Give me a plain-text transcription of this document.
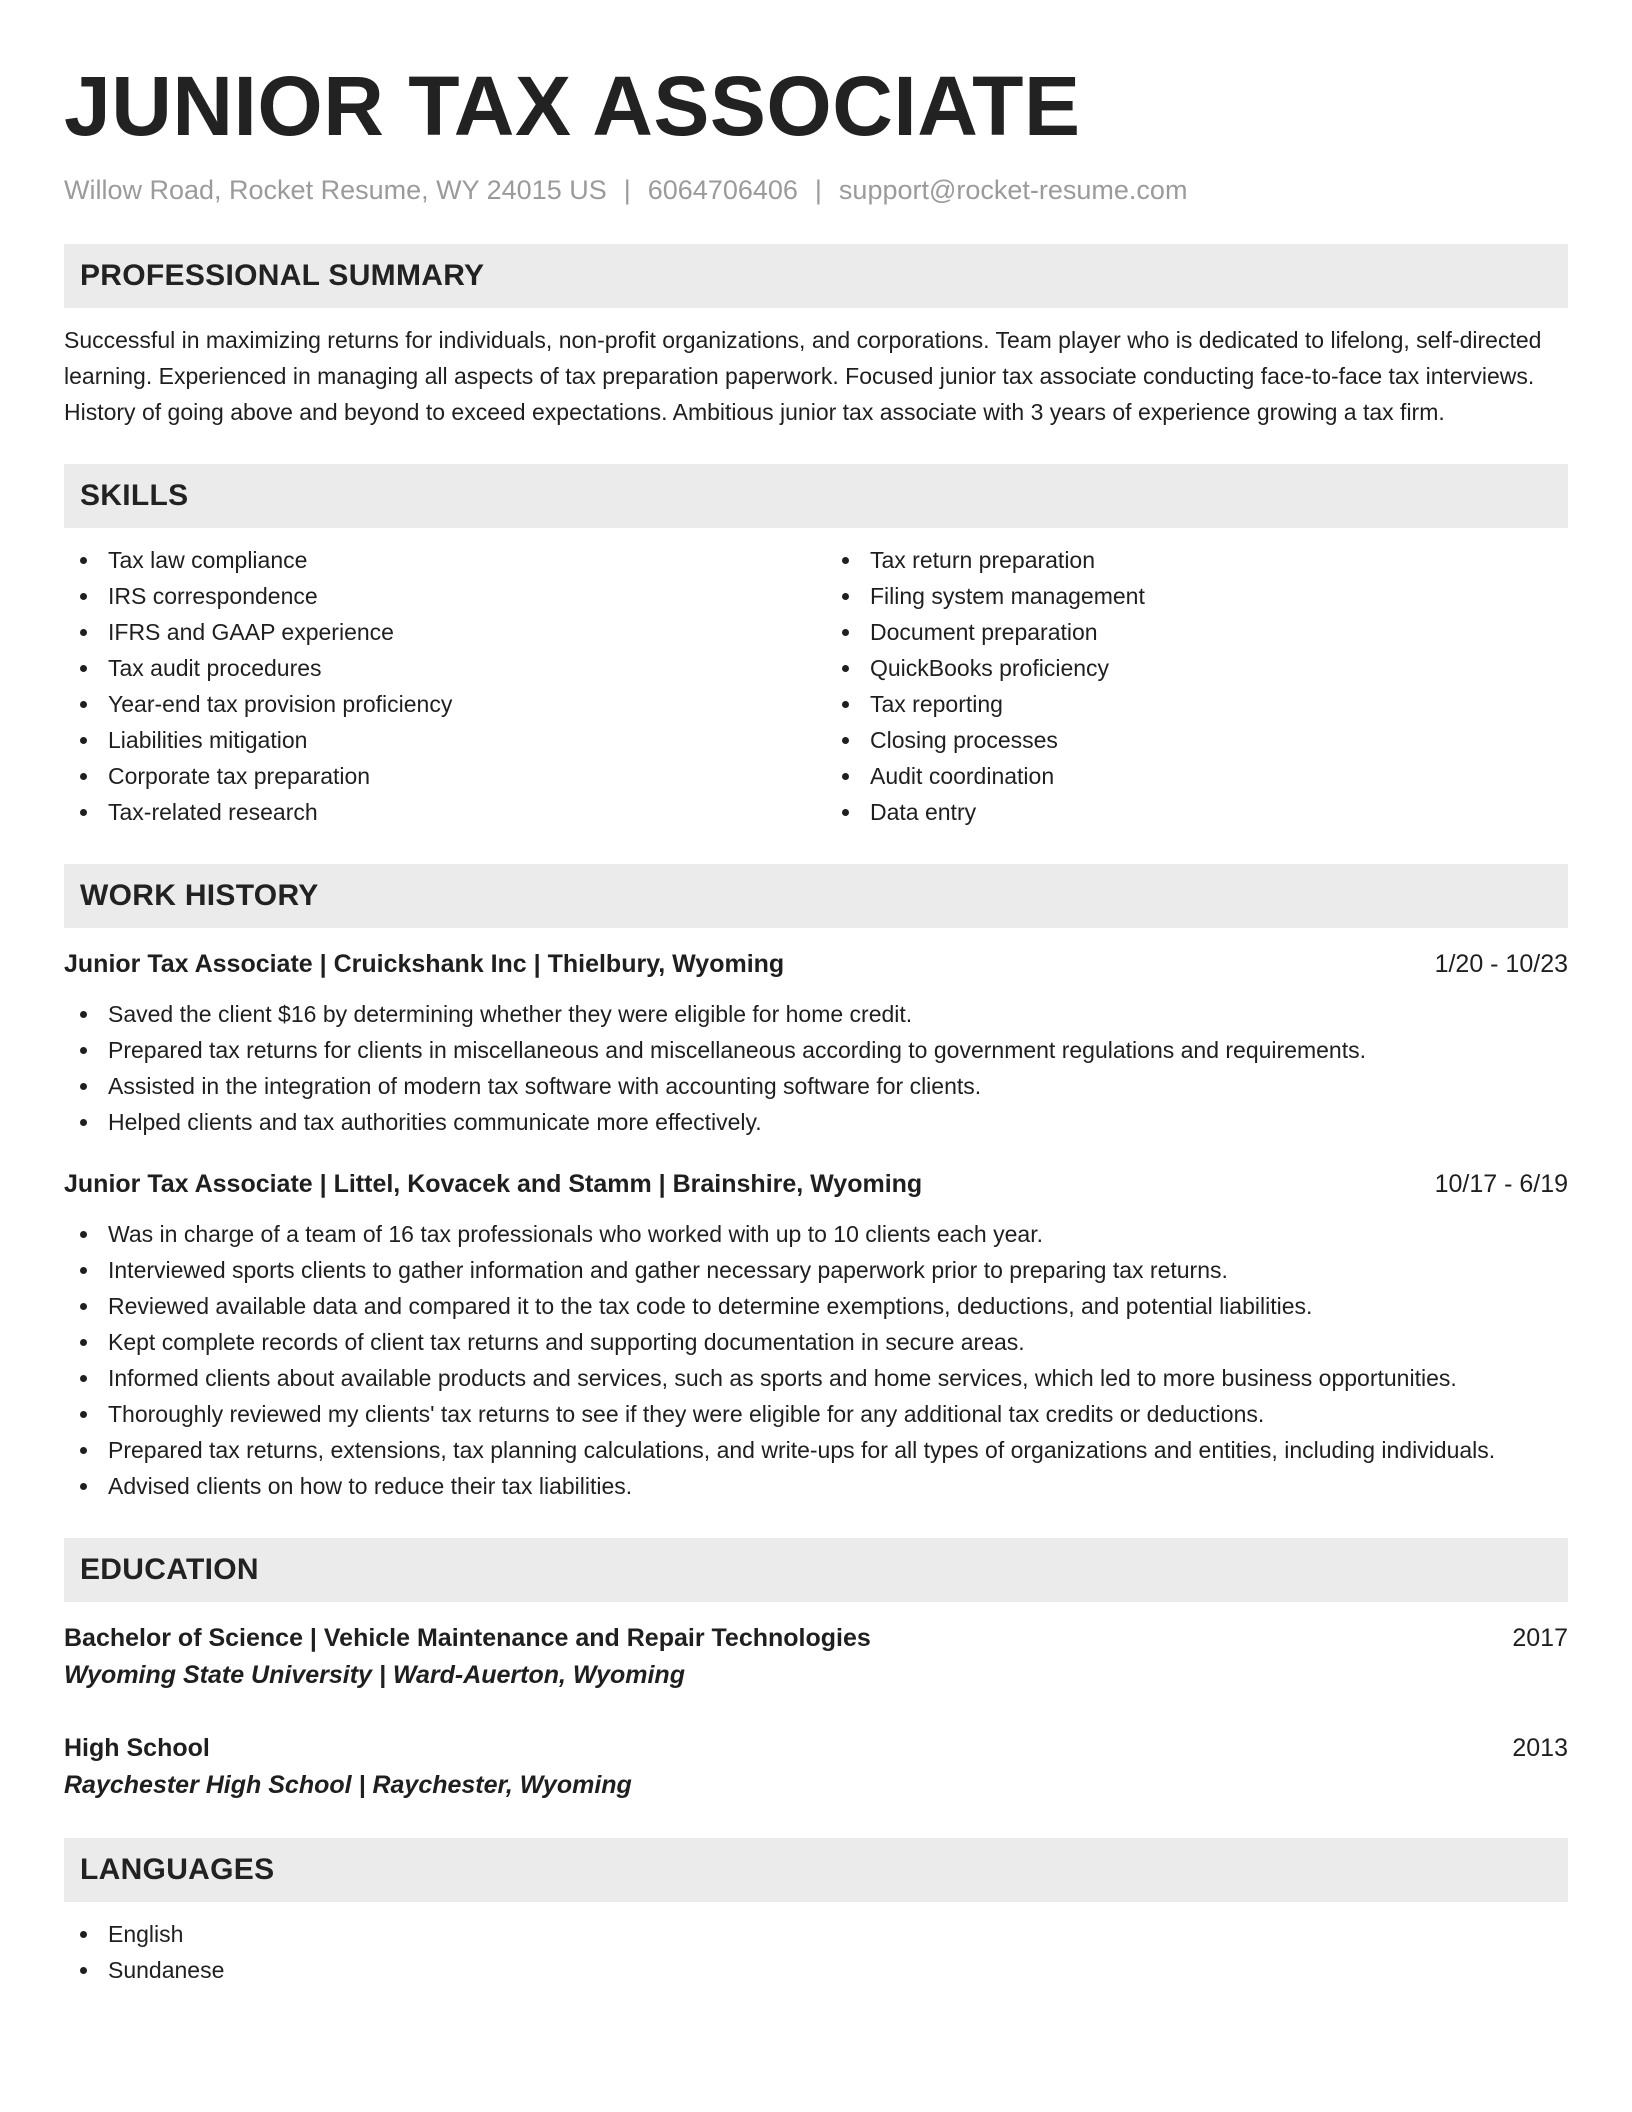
JUNIOR TAX ASSOCIATE
Willow Road, Rocket Resume, WY 24015 US | 6064706406 | support@rocket-resume.com
PROFESSIONAL SUMMARY
Successful in maximizing returns for individuals, non-profit organizations, and corporations. Team player who is dedicated to lifelong, self-directed learning. Experienced in managing all aspects of tax preparation paperwork. Focused junior tax associate conducting face-to-face tax interviews. History of going above and beyond to exceed expectations. Ambitious junior tax associate with 3 years of experience growing a tax firm.
SKILLS
Tax law compliance
IRS correspondence
IFRS and GAAP experience
Tax audit procedures
Year-end tax provision proficiency
Liabilities mitigation
Corporate tax preparation
Tax-related research
Tax return preparation
Filing system management
Document preparation
QuickBooks proficiency
Tax reporting
Closing processes
Audit coordination
Data entry
WORK HISTORY
Junior Tax Associate | Cruickshank Inc | Thielbury, Wyoming	1/20 - 10/23
Saved the client $16 by determining whether they were eligible for home credit.
Prepared tax returns for clients in miscellaneous and miscellaneous according to government regulations and requirements.
Assisted in the integration of modern tax software with accounting software for clients.
Helped clients and tax authorities communicate more effectively.
Junior Tax Associate | Littel, Kovacek and Stamm | Brainshire, Wyoming	10/17 - 6/19
Was in charge of a team of 16 tax professionals who worked with up to 10 clients each year.
Interviewed sports clients to gather information and gather necessary paperwork prior to preparing tax returns.
Reviewed available data and compared it to the tax code to determine exemptions, deductions, and potential liabilities.
Kept complete records of client tax returns and supporting documentation in secure areas.
Informed clients about available products and services, such as sports and home services, which led to more business opportunities.
Thoroughly reviewed my clients' tax returns to see if they were eligible for any additional tax credits or deductions.
Prepared tax returns, extensions, tax planning calculations, and write-ups for all types of organizations and entities, including individuals.
Advised clients on how to reduce their tax liabilities.
EDUCATION
Bachelor of Science | Vehicle Maintenance and Repair Technologies	2017
Wyoming State University | Ward-Auerton, Wyoming
High School	2013
Raychester High School | Raychester, Wyoming
LANGUAGES
English
Sundanese
